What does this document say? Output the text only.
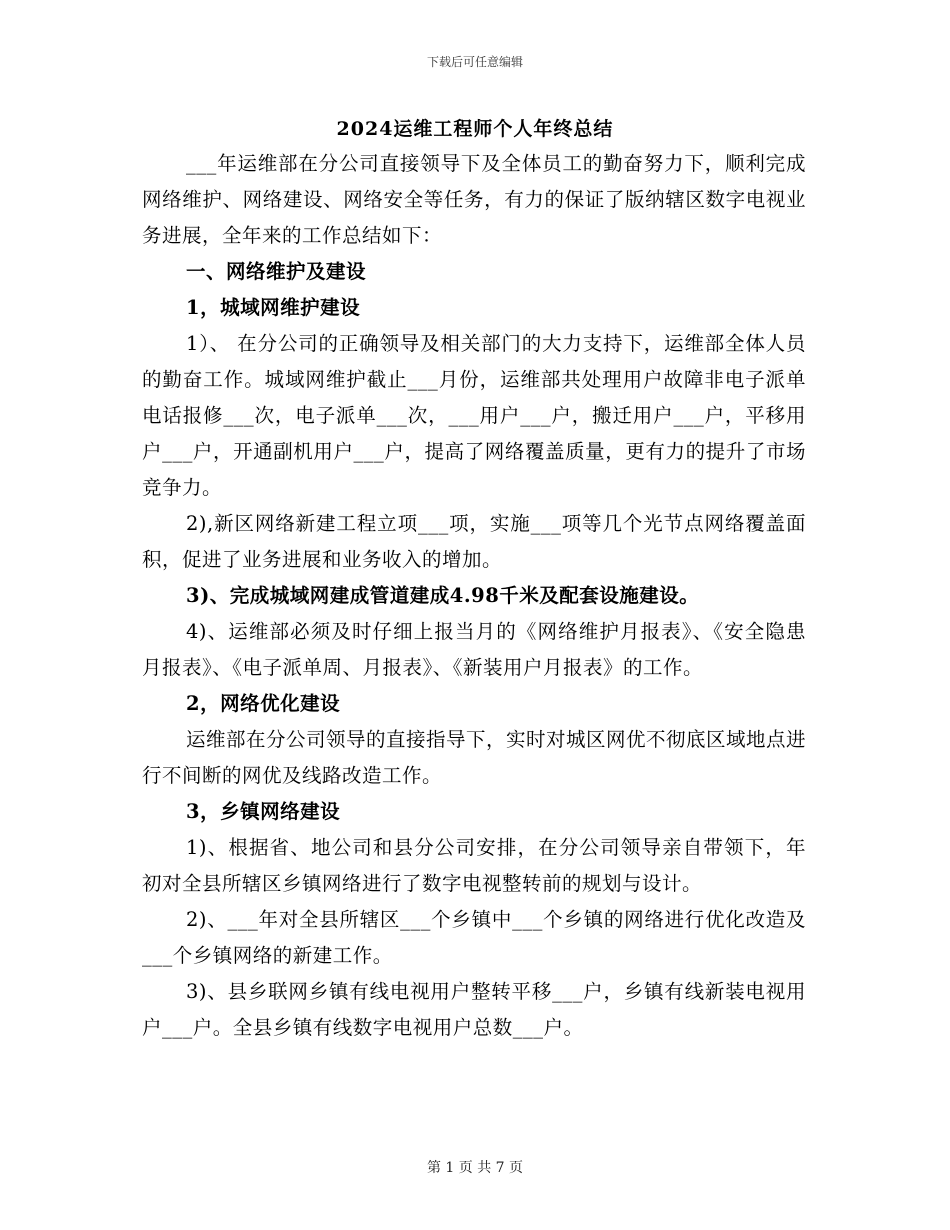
下载后可任意编辑
2024运维工程师个人年终总结

___年运维部在分公司直接领导下及全体员工的勤奋努力下，顺利完成网络维护、网络建设、网络安全等任务，有力的保证了版纳辖区数字电视业务进展，全年来的工作总结如下：

一、网络维护及建设

1，城域网维护建设

1）、 在分公司的正确领导及相关部门的大力支持下，运维部全体人员的勤奋工作。城域网维护截止___月份，运维部共处理用户故障非电子派单电话报修___次，电子派单___次，___用户___户，搬迁用户___户，平移用户___户，开通副机用户___户，提高了网络覆盖质量，更有力的提升了市场竞争力。

2),新区网络新建工程立项___项，实施___项等几个光节点网络覆盖面积，促进了业务进展和业务收入的增加。

3)、完成城域网建成管道建成4.98千米及配套设施建设。

4)、运维部必须及时仔细上报当月的《网络维护月报表》、《安全隐患月报表》、《电子派单周、月报表》、《新装用户月报表》的工作。

2，网络优化建设

运维部在分公司领导的直接指导下，实时对城区网优不彻底区域地点进行不间断的网优及线路改造工作。

3，乡镇网络建设

1)、根据省、地公司和县分公司安排，在分公司领导亲自带领下，年初对全县所辖区乡镇网络进行了数字电视整转前的规划与设计。

2)、___年对全县所辖区___个乡镇中___个乡镇的网络进行优化改造及___个乡镇网络的新建工作。

3)、县乡联网乡镇有线电视用户整转平移___户，乡镇有线新装电视用户___户。全县乡镇有线数字电视用户总数___户。

第 1 页 共 7 页
